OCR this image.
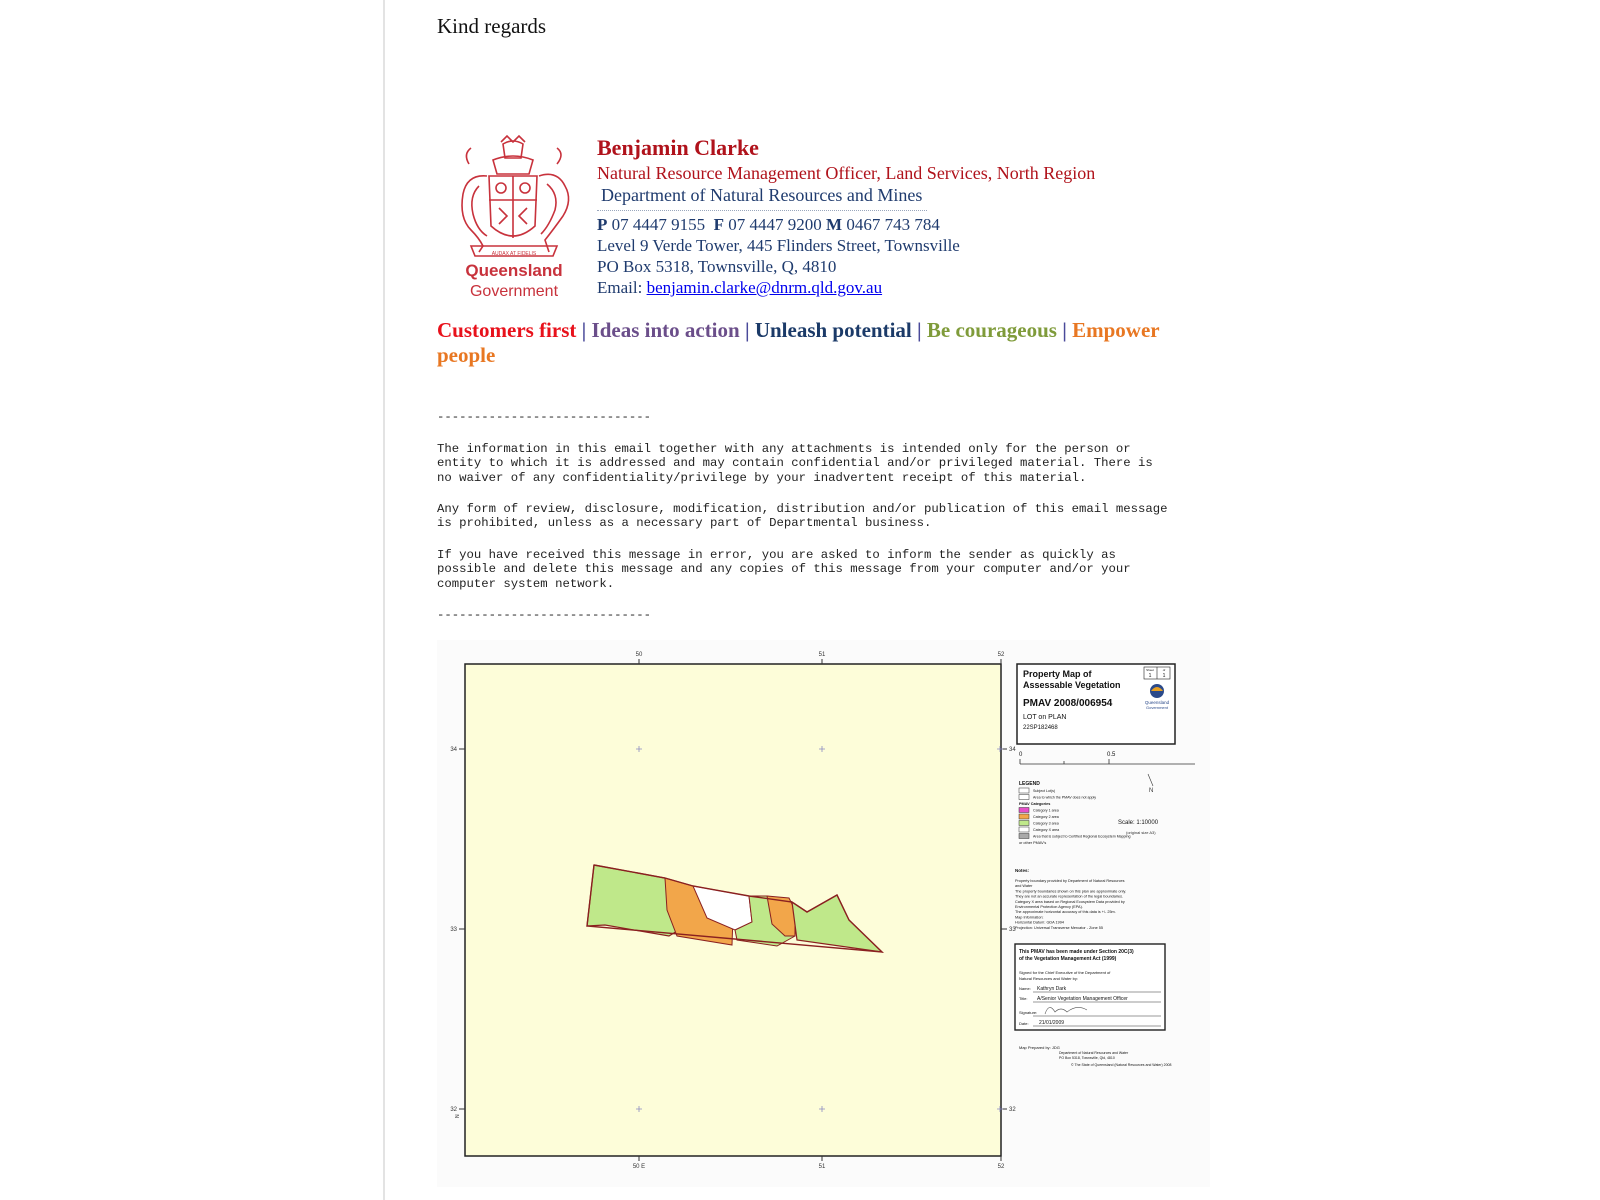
Kind regards
AUDAX AT FIDELIS
Queensland
Government
Benjamin Clarke
Natural Resource Management Officer, Land Services, North Region
Department of Natural Resources and Mines
P 07 4447 9155 F 07 4447 9200 M 0467 743 784
Level 9 Verde Tower, 445 Flinders Street, Townsville
PO Box 5318, Townsville, Q, 4810
Email: benjamin.clarke@dnrm.qld.gov.au
Customers first | Ideas into action | Unleash potential | Be courageous | Empower people
-----------------------------
The information in this email together with any attachments is intended only for the person or
entity to which it is addressed and may contain confidential and/or privileged material. There is
no waiver of any confidentiality/privilege by your inadvertent receipt of this material.
Any form of review, disclosure, modification, distribution and/or publication of this email message
is prohibited, unless as a necessary part of Departmental business.
If you have received this message in error, you are asked to inform the sender as quickly as
possible and delete this message and any copies of this message from your computer and/or your
computer system network.
-----------------------------
50	51	52
50 E	51	52
34
33
32
34
33
32
N
Property Map of
Assessable Vegetation
PMAV 2008/006954
LOT on PLAN
22SP182468
Sheet	of
1 1
Queensland
Government
0	0.5
LEGEND
Subject Lot(s)
Area to which the PMAV does not apply
PMAV Categories
Category 1 area
Category 2 area
Category 3 area
Category X area
Area that is subject to Certified Regional Ecosystem Mapping
or other PMAV's
N
Scale: 1:10000
(original size A3)
Notes:
Property boundary provided by Department of Natural Resources
and Water
The property boundaries shown on this plan are approximate only.
They are not an accurate representation of the legal boundaries.
Category X area based on Regional Ecosystem Data provided by
Environmental Protection Agency (EPA).
The approximate horizontal accuracy of this data is +/- 25m.
Map Information:
Horizontal Datum: GDA 1994
Projection: Universal Transverse Mercator - Zone 55
This PMAV has been made under Section 20C(3)
of the Vegetation Management Act (1999)
Signed for the Chief Executive of the Department of
Natural Resources and Water by:
Name: Kathryn Dark
Title: A/Senior Vegetation Management Officer
Signature:
Date: 21/01/2009
Map Prepared by: JDG
Department of Natural Resources and Water
PO Box 5318, Townsville, Qld, 4810
© The State of Queensland (Natural Resources and Water) 2008
